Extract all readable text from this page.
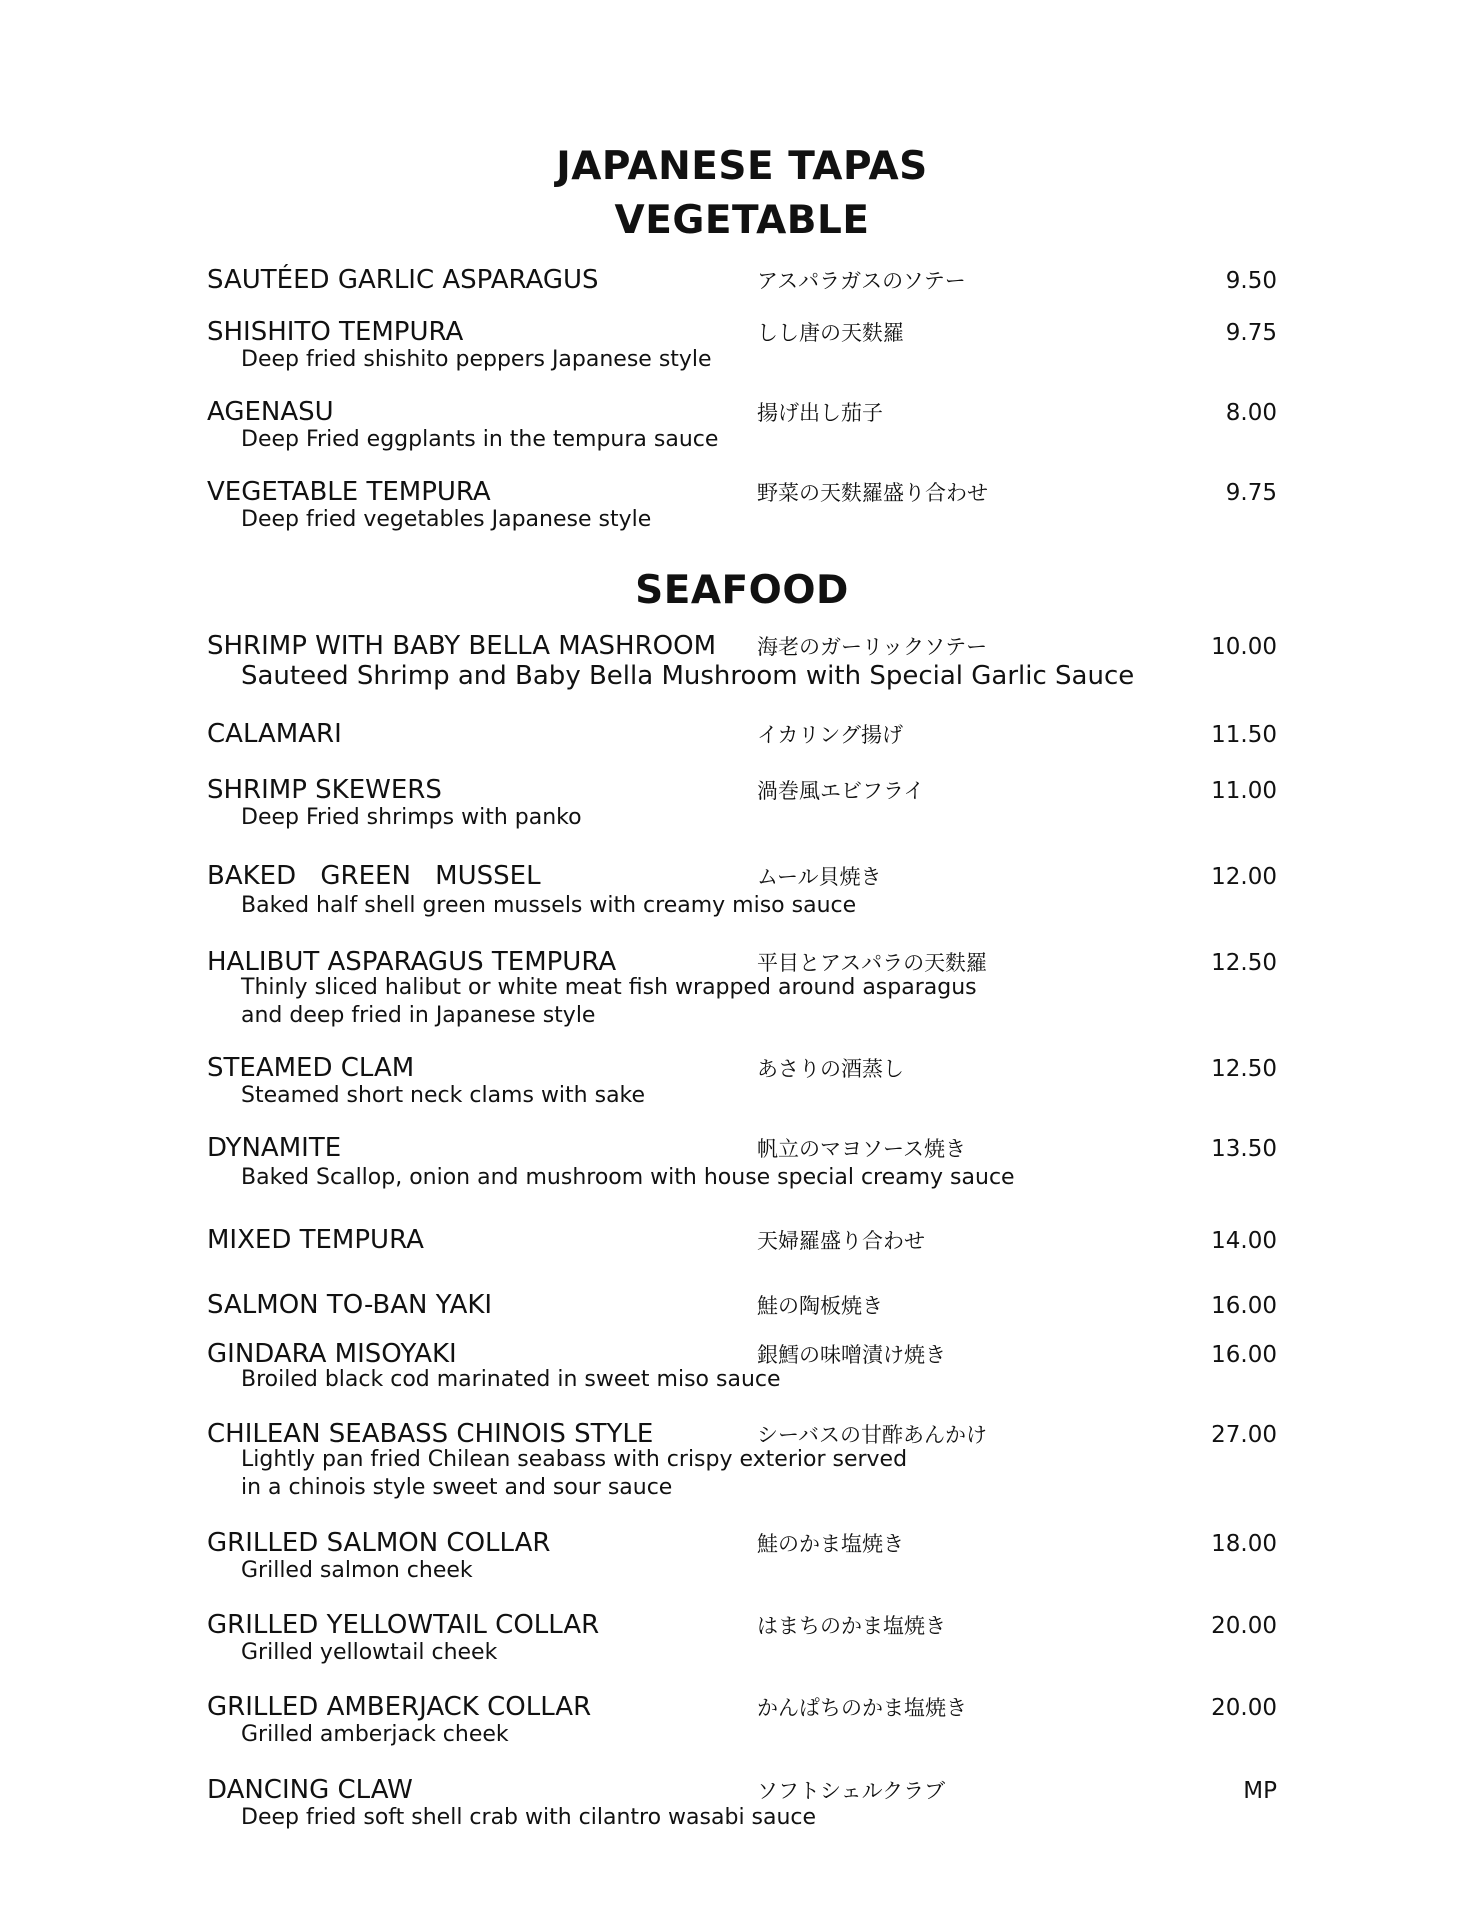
JAPANESE TAPAS
VEGETABLE
SAUTÉED GARLIC ASPARAGUS	アスパラガスのソテー	9.50
SHISHITO TEMPURA	しし唐の天麩羅	9.75
Deep fried shishito peppers Japanese style
AGENASU	揚げ出し茄子	8.00
Deep Fried eggplants in the tempura sauce
VEGETABLE TEMPURA	野菜の天麩羅盛り合わせ	9.75
Deep fried vegetables Japanese style
SEAFOOD
SHRIMP WITH BABY BELLA MASHROOM 海老のガーリックソテー	10.00
Sauteed Shrimp and Baby Bella Mushroom with Special Garlic Sauce
CALAMARI	イカリング揚げ	11.50
SHRIMP SKEWERS	渦巻風エビフライ	11.00
Deep Fried shrimps with panko
BAKED GREEN MUSSEL	ムール貝焼き	12.00
Baked half shell green mussels with creamy miso sauce
HALIBUT ASPARAGUS TEMPURA	平目とアスパラの天麩羅	12.50
Thinly sliced halibut or white meat fish wrapped around asparagus
and deep fried in Japanese style
STEAMED CLAM	あさりの酒蒸し	12.50
Steamed short neck clams with sake
DYNAMITE	帆立のマヨソース焼き	13.50
Baked Scallop, onion and mushroom with house special creamy sauce
MIXED TEMPURA	天婦羅盛り合わせ	14.00
SALMON TO-BAN YAKI	鮭の陶板焼き	16.00
GINDARA MISOYAKI	銀鱈の味噌漬け焼き	16.00
Broiled black cod marinated in sweet miso sauce
CHILEAN SEABASS CHINOIS STYLE	シーバスの甘酢あんかけ	27.00
Lightly pan fried Chilean seabass with crispy exterior served
in a chinois style sweet and sour sauce
GRILLED SALMON COLLAR	鮭のかま塩焼き	18.00
Grilled salmon cheek
GRILLED YELLOWTAIL COLLAR	はまちのかま塩焼き	20.00
Grilled yellowtail cheek
GRILLED AMBERJACK COLLAR	かんぱちのかま塩焼き	20.00
Grilled amberjack cheek
DANCING CLAW	ソフトシェルクラブ	MP
Deep fried soft shell crab with cilantro wasabi sauce
